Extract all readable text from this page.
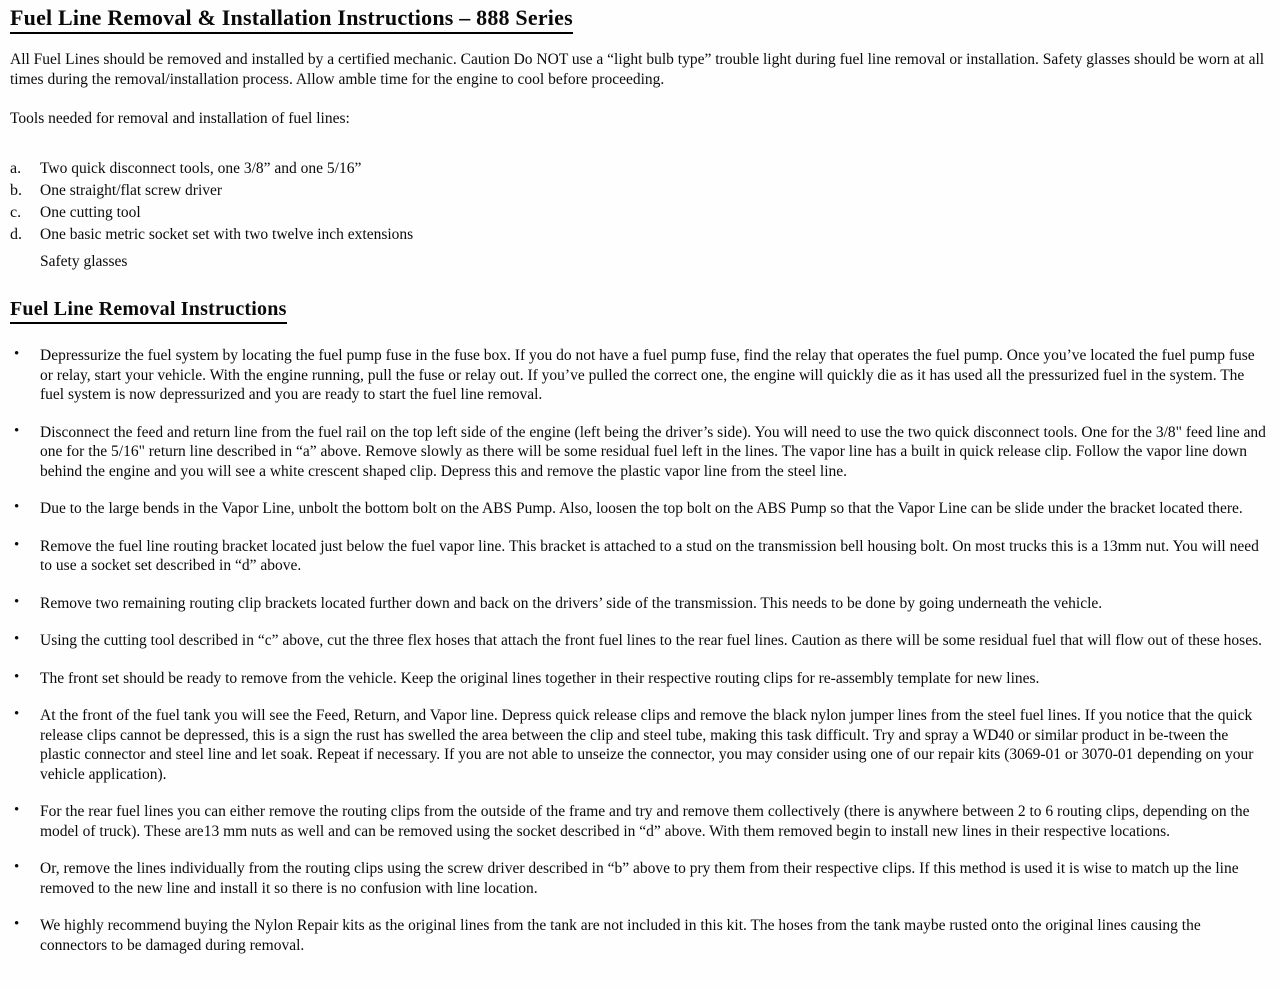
Fuel Line Removal & Installation Instructions – 888 Series

All Fuel Lines should be removed and installed by a certified mechanic. Caution Do NOT use a “light bulb type” trouble light during fuel line removal or installation. Safety glasses should be worn at all times during the removal/installation process. Allow amble time for the engine to cool before proceeding.

Tools needed for removal and installation of fuel lines:

a.	Two quick disconnect tools, one 3/8” and one 5/16”
b.	One straight/flat screw driver
c.	One cutting tool
d.	One basic metric socket set with two twelve inch extensions

Safety glasses

Fuel Line Removal Instructions
• Depressurize the fuel system by locating the fuel pump fuse in the fuse box. If you do not have a fuel pump fuse, find the relay that operates the fuel pump. Once you’ve located the fuel pump fuse or relay, start your vehicle. With the engine running, pull the fuse or relay out. If you’ve pulled the correct one, the engine will quickly die as it has used all the pressurized fuel in the system. The fuel system is now depressurized and you are ready to start the fuel line removal.
• Disconnect the feed and return line from the fuel rail on the top left side of the engine (left being the driver’s side). You will need to use the two quick disconnect tools. One for the 3/8" feed line and one for the 5/16" return line described in “a” above. Remove slowly as there will be some residual fuel left in the lines. The vapor line has a built in quick release clip. Follow the vapor line down behind the engine and you will see a white crescent shaped clip. Depress this and remove the plastic vapor line from the steel line.
• Due to the large bends in the Vapor Line, unbolt the bottom bolt on the ABS Pump. Also, loosen the top bolt on the ABS Pump so that the Vapor Line can be slide under the bracket located there.
• Remove the fuel line routing bracket located just below the fuel vapor line. This bracket is attached to a stud on the transmission bell housing bolt. On most trucks this is a 13mm nut. You will need to use a socket set described in “d” above.
• Remove two remaining routing clip brackets located further down and back on the drivers’ side of the transmission. This needs to be done by going underneath the vehicle.
• Using the cutting tool described in “c” above, cut the three flex hoses that attach the front fuel lines to the rear fuel lines. Caution as there will be some residual fuel that will flow out of these hoses.
• The front set should be ready to remove from the vehicle. Keep the original lines together in their respective routing clips for re-assembly template for new lines.
• At the front of the fuel tank you will see the Feed, Return, and Vapor line. Depress quick release clips and remove the black nylon jumper lines from the steel fuel lines. If you notice that the quick release clips cannot be depressed, this is a sign the rust has swelled the area between the clip and steel tube, making this task difficult. Try and spray a WD40 or similar product in be-tween the plastic connector and steel line and let soak. Repeat if necessary. If you are not able to unseize the connector, you may consider using one of our repair kits (3069-01 or 3070-01 depending on your vehicle application).
• For the rear fuel lines you can either remove the routing clips from the outside of the frame and try and remove them collectively (there is anywhere between 2 to 6 routing clips, depending on the model of truck). These are13 mm nuts as well and can be removed using the socket described in “d” above. With them removed begin to install new lines in their respective locations.
• Or, remove the lines individually from the routing clips using the screw driver described in “b” above to pry them from their respective clips. If this method is used it is wise to match up the line removed to the new line and install it so there is no confusion with line location.
• We highly recommend buying the Nylon Repair kits as the original lines from the tank are not included in this kit. The hoses from the tank maybe rusted onto the original lines causing the connectors to be damaged during removal.
